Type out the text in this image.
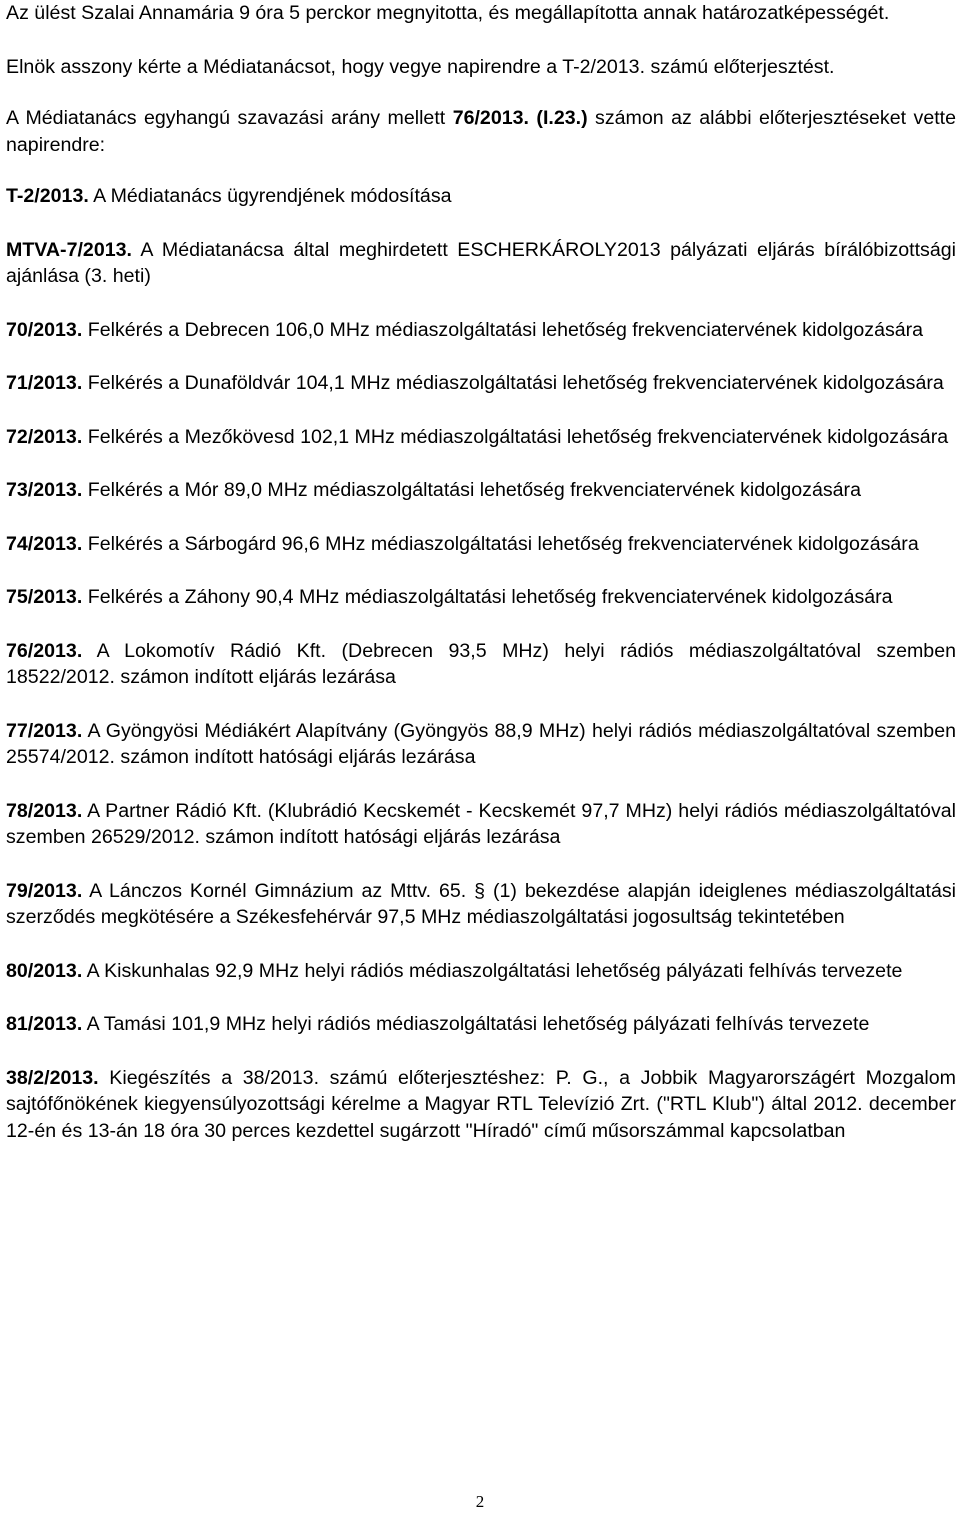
Az ülést Szalai Annamária 9 óra 5 perckor megnyitotta, és megállapította annak határozatképességét.

Elnök asszony kérte a Médiatanácsot, hogy vegye napirendre a T-2/2013. számú előterjesztést.

A Médiatanács egyhangú szavazási arány mellett 76/2013. (I.23.) számon az alábbi előterjesztéseket vette napirendre:

T-2/2013. A Médiatanács ügyrendjének módosítása

MTVA-7/2013. A Médiatanácsa által meghirdetett ESCHERKÁROLY2013 pályázati eljárás bírálóbizottsági ajánlása (3. heti)

70/2013. Felkérés a Debrecen 106,0 MHz médiaszolgáltatási lehetőség frekvenciatervének kidolgozására

71/2013. Felkérés a Dunaföldvár 104,1 MHz médiaszolgáltatási lehetőség frekvenciatervének kidolgozására

72/2013. Felkérés a Mezőkövesd 102,1 MHz médiaszolgáltatási lehetőség frekvenciatervének kidolgozására

73/2013. Felkérés a Mór 89,0 MHz médiaszolgáltatási lehetőség frekvenciatervének kidolgozására

74/2013. Felkérés a Sárbogárd 96,6 MHz médiaszolgáltatási lehetőség frekvenciatervének kidolgozására

75/2013. Felkérés a Záhony 90,4 MHz médiaszolgáltatási lehetőség frekvenciatervének kidolgozására

76/2013. A Lokomotív Rádió Kft. (Debrecen 93,5 MHz) helyi rádiós médiaszolgáltatóval szemben 18522/2012. számon indított eljárás lezárása

77/2013. A Gyöngyösi Médiákért Alapítvány (Gyöngyös 88,9 MHz) helyi rádiós médiaszolgáltatóval szemben 25574/2012. számon indított hatósági eljárás lezárása

78/2013. A Partner Rádió Kft. (Klubrádió Kecskemét - Kecskemét 97,7 MHz) helyi rádiós médiaszolgáltatóval szemben 26529/2012. számon indított hatósági eljárás lezárása

79/2013. A Lánczos Kornél Gimnázium az Mttv. 65. § (1) bekezdése alapján ideiglenes médiaszolgáltatási szerződés megkötésére a Székesfehérvár 97,5 MHz médiaszolgáltatási jogosultság tekintetében

80/2013. A Kiskunhalas 92,9 MHz helyi rádiós médiaszolgáltatási lehetőség pályázati felhívás tervezete

81/2013. A Tamási 101,9 MHz helyi rádiós médiaszolgáltatási lehetőség pályázati felhívás tervezete

38/2/2013. Kiegészítés a 38/2013. számú előterjesztéshez: P. G., a Jobbik Magyarországért Mozgalom sajtófőnökének kiegyensúlyozottsági kérelme a Magyar RTL Televízió Zrt. ("RTL Klub") által 2012. december 12-én és 13-án 18 óra 30 perces kezdettel sugárzott "Híradó" című műsorszámmal kapcsolatban

2
